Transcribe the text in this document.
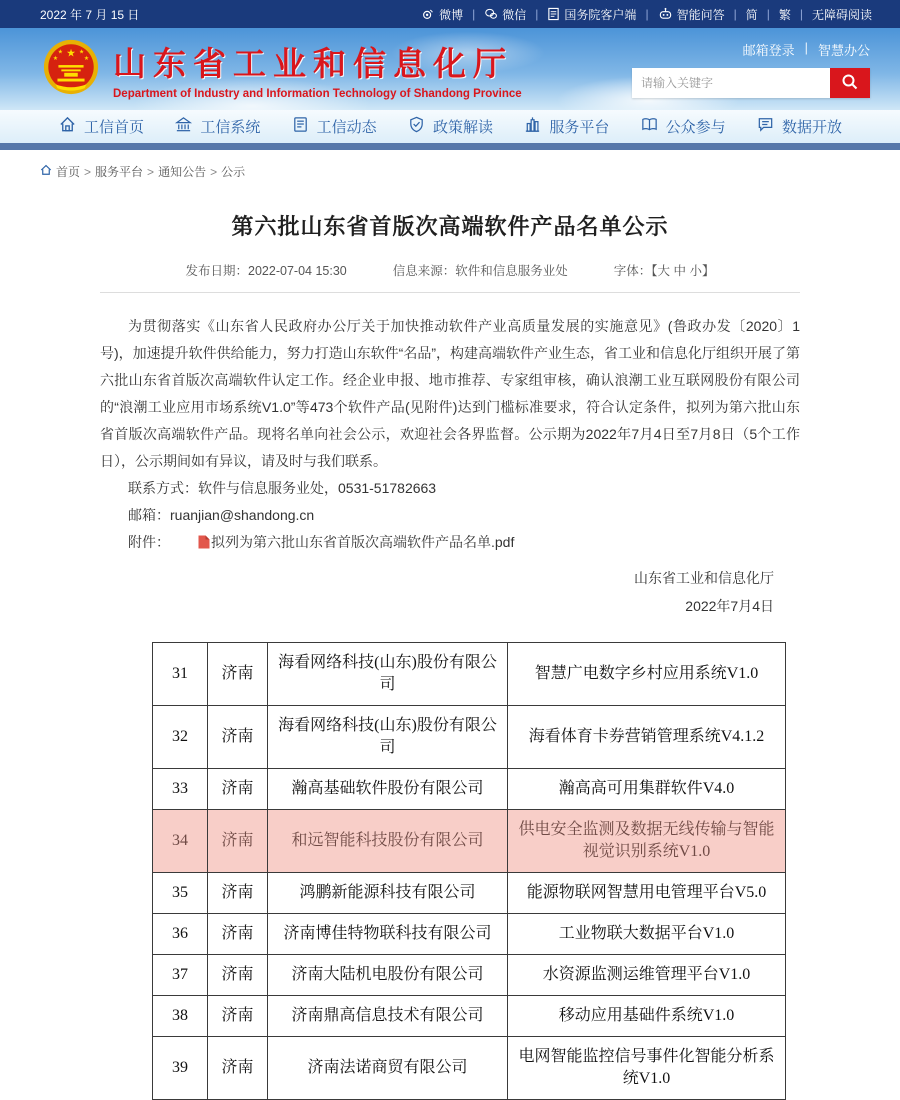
2022 年 7 月 15 日	微博 | 微信 | 国务院客户端 | 智能问答 | 简 | 繁 | 无障碍阅读
★
★	★
★	★ 山东省工业和信息化厅
Department of Industry and Information Technology of Shandong Province
邮箱登录 | 智慧办公
请输入关键字
工信首页	工信系统	工信动态	政策解读	服务平台	公众参与	数据开放
首页 > 服务平台 > 通知公告 > 公示
第六批山东省首版次高端软件产品名单公示
发布日期：2022-07-04 15:30	信息来源：软件和信息服务业处	字体：【大 中 小】

为贯彻落实《山东省人民政府办公厅关于加快推动软件产业高质量发展的实施意见》(鲁政办发〔2020〕1号)，加速提升软件供给能力，努力打造山东软件“名品”，构建高端软件产业生态，省工业和信息化厅组织开展了第六批山东省首版次高端软件认定工作。经企业申报、地市推荐、专家组审核，确认浪潮工业互联网股份有限公司的“浪潮工业应用市场系统V1.0”等473个软件产品(见附件)达到门槛标准要求，符合认定条件，拟列为第六批山东省首版次高端软件产品。现将名单向社会公示，欢迎社会各界监督。公示期为2022年7月4日至7月8日（5个工作日），公示期间如有异议，请及时与我们联系。

联系方式：软件与信息服务业处，0531-51782663

邮箱：ruanjian@shandong.cn

附件：	拟列为第六批山东省首版次高端软件产品名单.pdf

山东省工业和信息化厅
2022年7月4日
31	济南	海看网络科技(山东)股份有限公司	智慧广电数字乡村应用系统V1.0
32	济南	海看网络科技(山东)股份有限公司	海看体育卡券营销管理系统V4.1.2
33	济南	瀚高基础软件股份有限公司	瀚高高可用集群软件V4.0
34	济南	和远智能科技股份有限公司	供电安全监测及数据无线传输与智能视觉识别系统V1.0
35	济南	鸿鹏新能源科技有限公司	能源物联网智慧用电管理平台V5.0
36	济南	济南博佳特物联科技有限公司	工业物联大数据平台V1.0
37	济南	济南大陆机电股份有限公司	水资源监测运维管理平台V1.0
38	济南	济南鼎高信息技术有限公司	移动应用基础件系统V1.0
39	济南	济南法诺商贸有限公司	电网智能监控信号事件化智能分析系统V1.0
